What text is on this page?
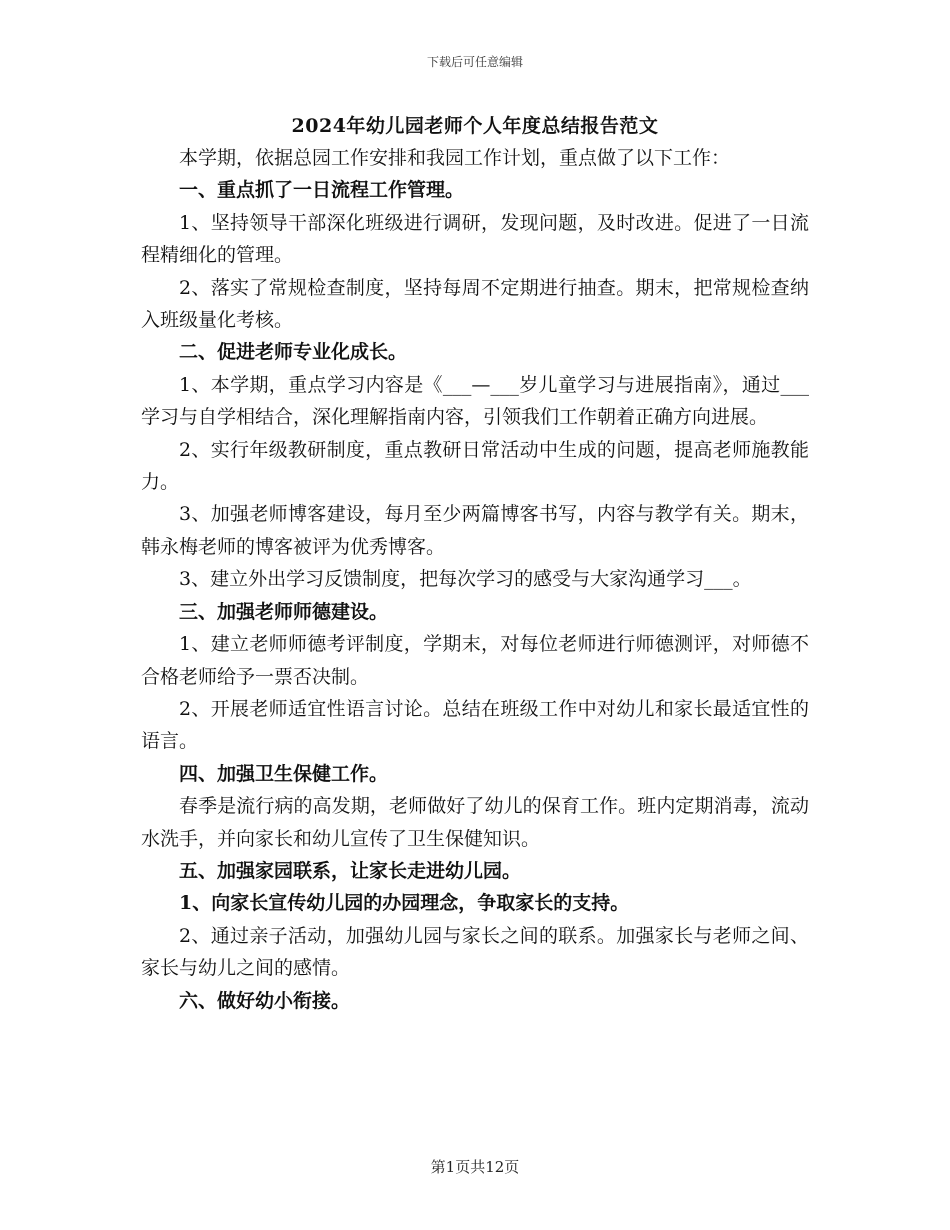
下载后可任意编辑
2024年幼儿园老师个人年度总结报告范文

本学期，依据总园工作安排和我园工作计划，重点做了以下工作：

一、重点抓了一日流程工作管理。

1、坚持领导干部深化班级进行调研，发现问题，及时改进。促进了一日流程精细化的管理。

2、落实了常规检查制度，坚持每周不定期进行抽查。期末，把常规检查纳入班级量化考核。

二、促进老师专业化成长。

1、本学期，重点学习内容是《___—___岁儿童学习与进展指南》，通过___学习与自学相结合，深化理解指南内容，引领我们工作朝着正确方向进展。

2、实行年级教研制度，重点教研日常活动中生成的问题，提高老师施教能力。

3、加强老师博客建设，每月至少两篇博客书写，内容与教学有关。期末，韩永梅老师的博客被评为优秀博客。

3、建立外出学习反馈制度，把每次学习的感受与大家沟通学习___。

三、加强老师师德建设。

1、建立老师师德考评制度，学期末，对每位老师进行师德测评，对师德不合格老师给予一票否决制。

2、开展老师适宜性语言讨论。总结在班级工作中对幼儿和家长最适宜性的语言。

四、加强卫生保健工作。

春季是流行病的高发期，老师做好了幼儿的保育工作。班内定期消毒，流动水洗手，并向家长和幼儿宣传了卫生保健知识。

五、加强家园联系，让家长走进幼儿园。

1、向家长宣传幼儿园的办园理念，争取家长的支持。

2、通过亲子活动，加强幼儿园与家长之间的联系。加强家长与老师之间、家长与幼儿之间的感情。

六、做好幼小衔接。

第1页共12页
